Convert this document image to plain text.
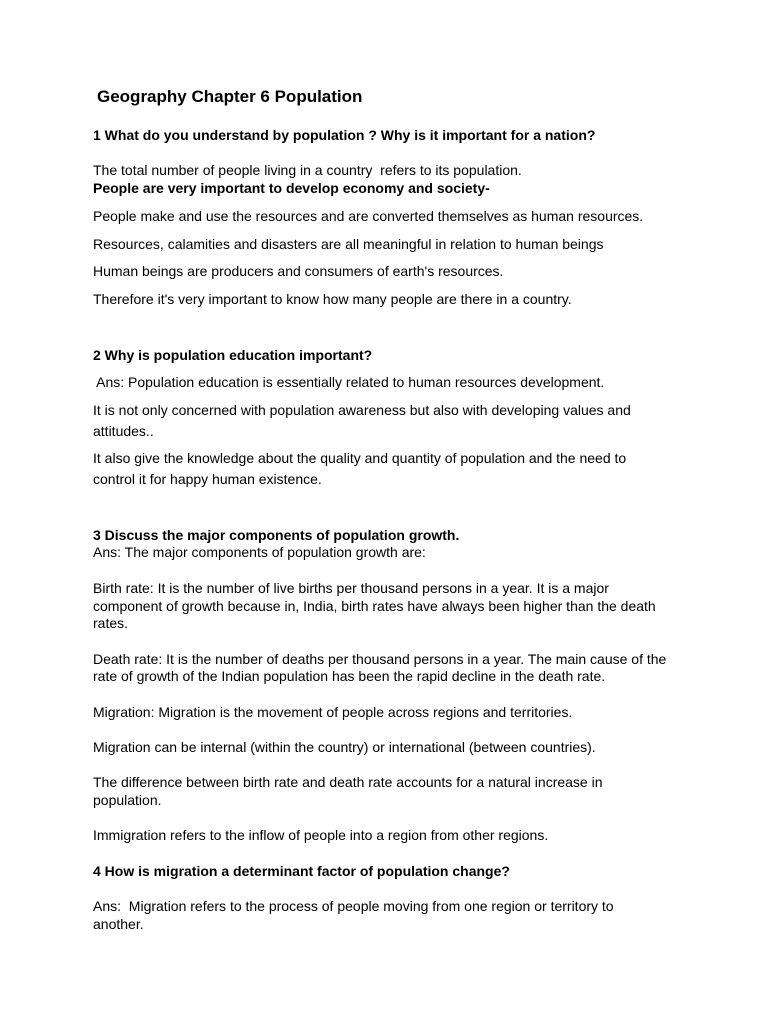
Geography Chapter 6 Population

1 What do you understand by population ? Why is it important for a nation?

The total number of people living in a country  refers to its population.

People are very important to develop economy and society-

People make and use the resources and are converted themselves as human resources.

Resources, calamities and disasters are all meaningful in relation to human beings

Human beings are producers and consumers of earth's resources.

Therefore it's very important to know how many people are there in a country.

2 Why is population education important?

Ans: Population education is essentially related to human resources development.

It is not only concerned with population awareness but also with developing values and

attitudes..

It also give the knowledge about the quality and quantity of population and the need to

control it for happy human existence.

3 Discuss the major components of population growth.

Ans: The major components of population growth are:

Birth rate: It is the number of live births per thousand persons in a year. It is a major

component of growth because in, India, birth rates have always been higher than the death

rates.

Death rate: It is the number of deaths per thousand persons in a year. The main cause of the

rate of growth of the Indian population has been the rapid decline in the death rate.

Migration: Migration is the movement of people across regions and territories.

Migration can be internal (within the country) or international (between countries).

The difference between birth rate and death rate accounts for a natural increase in

population.

Immigration refers to the inflow of people into a region from other regions.

4 How is migration a determinant factor of population change?

Ans:  Migration refers to the process of people moving from one region or territory to

another.
